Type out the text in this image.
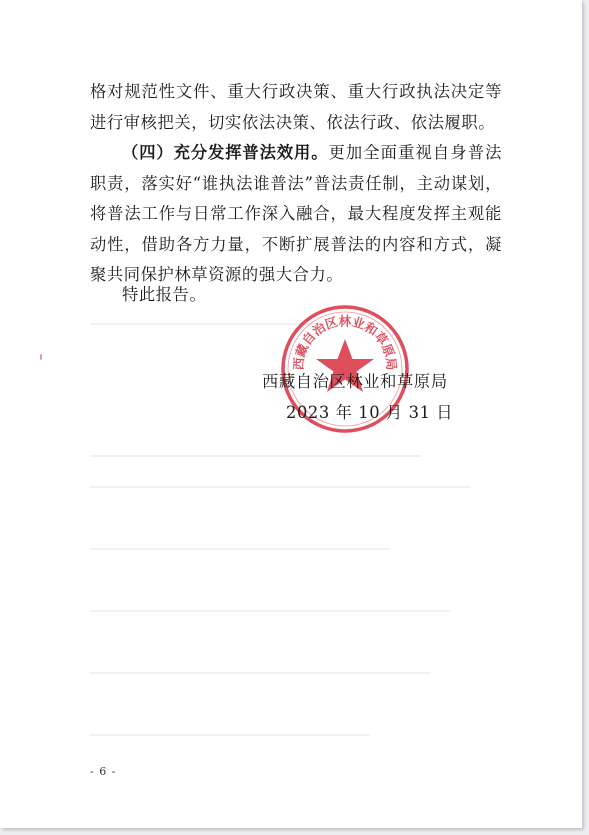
格对规范性文件、重大行政决策、重大行政执法决定等进行审核把关，切实依法决策、依法行政、依法履职。

（四）充分发挥普法效用。更加全面重视自身普法职责，落实好“谁执法谁普法”普法责任制，主动谋划，将普法工作与日常工作深入融合，最大程度发挥主观能动性，借助各方力量，不断扩展普法的内容和方式，凝聚共同保护林草资源的强大合力。

特此报告。

西藏自治区林业和草原局
西藏自治区林业和草原局
2023 年 10 月 31 日
- 6 -
